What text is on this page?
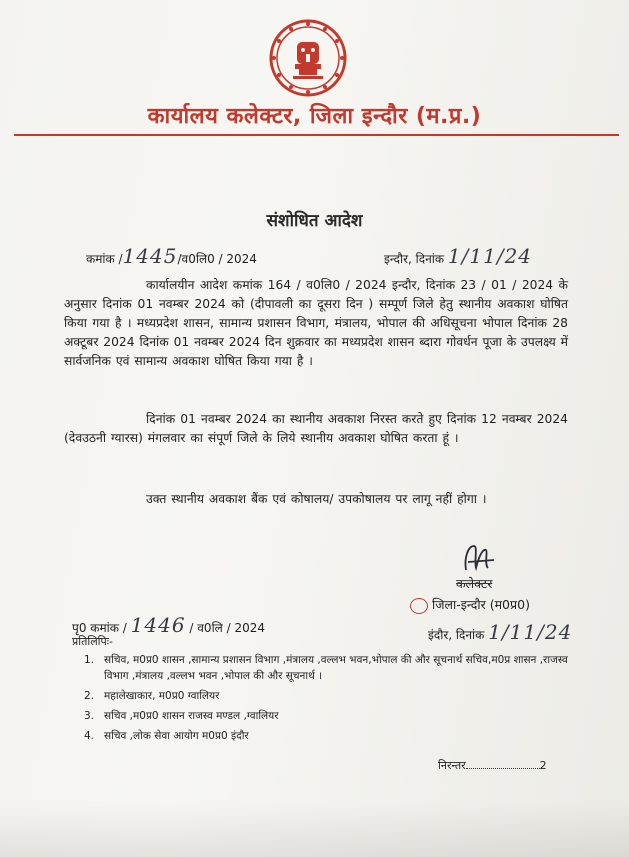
कार्यालय कलेक्टर, जिला इन्दौर (म.प्र.)
संशोधित आदेश
कमांक /1445/व0लि0 / 2024	इन्दौर, दिनांक 1/11/24
कार्यालयीन आदेश कमांक 164 / व0लि0 / 2024 इन्दौर, दिनांक 23 / 01 / 2024 के अनुसार दिनांक 01 नवम्बर 2024 को (दीपावली का दूसरा दिन ) सम्पूर्ण जिले हेतु स्थानीय अवकाश घोषित किया गया है । मध्यप्रदेश शासन, सामान्य प्रशासन विभाग, मंत्रालय, भोपाल की अधिसूचना भोपाल दिनांक 28 अक्टूबर 2024 दिनांक 01 नवम्बर 2024 दिन शुक्रवार का मध्यप्रदेश शासन ब्दारा गोवर्धन पूजा के उपलक्ष्य में सार्वजनिक एवं सामान्य अवकाश घोषित किया गया है ।
दिनांक 01 नवम्बर 2024 का स्थानीय अवकाश निरस्त करते हुए दिनांक 12 नवम्बर 2024 (देवउठनी ग्यारस) मंगलवार का संपूर्ण जिले के लिये स्थानीय अवकाश घोषित करता हूं ।
उक्त स्थानीय अवकाश बैंक एवं कोषालय/ उपकोषालय पर लागू नहीं होगा ।
कलेक्टर
जिला-इन्दौर (म0प्र0)
इंदौर, दिनांक 1/11/24
पृ0 कमांक / 1446 / व0लि / 2024
प्रतिलिपिः-
1. सचिव, म0प्र0 शासन ,सामान्य प्रशासन विभाग ,मंत्रालय ,वल्लभ भवन,भोपाल की और सूचनार्थ सचिव,म0प्र शासन ,राजस्व विभाग ,मंत्रालय ,वल्लभ भवन ,भोपाल की और सूचनार्थ ।
2. महालेखाकार, म0प्र0 ग्वालियर
3. सचिव ,म0प्र0 शासन राजस्व मण्डल ,ग्वालियर
4. सचिव ,लोक सेवा आयोग म0प्र0 इंदौर
निरन्तर	2
